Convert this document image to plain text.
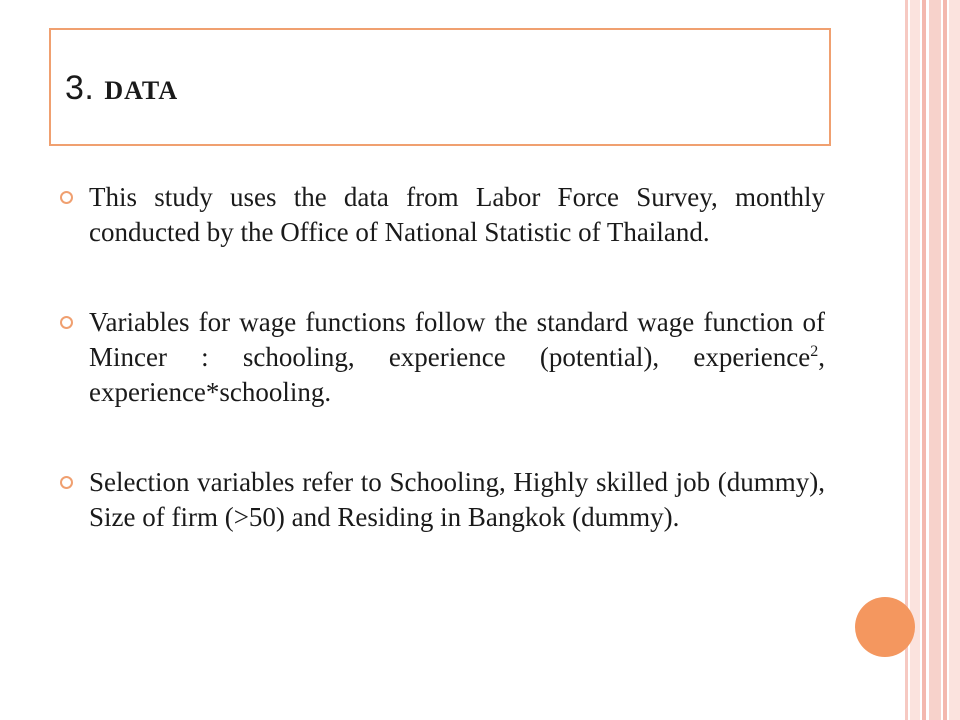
3. DATA
This study uses the data from Labor Force Survey, monthly conducted by the Office of National Statistic of Thailand.
Variables for wage functions follow the standard wage function of Mincer : schooling, experience (potential), experience$^2$, experience*schooling.
Selection variables refer to Schooling, Highly skilled job (dummy), Size of firm (>50) and Residing in Bangkok (dummy).
